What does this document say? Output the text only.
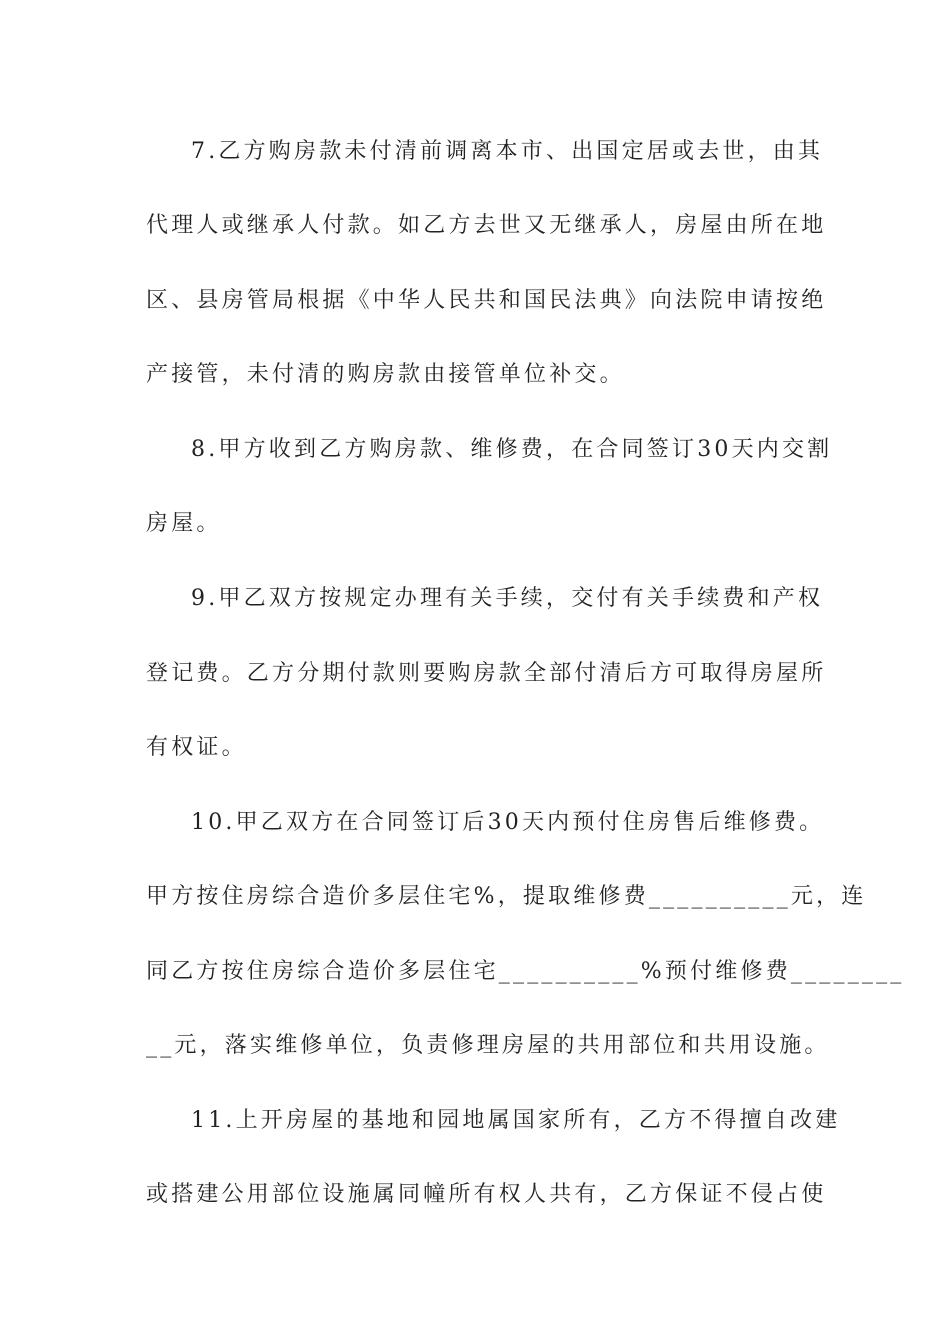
7.乙方购房款未付清前调离本市、出国定居或去世，由其
代理人或继承人付款。如乙方去世又无继承人，房屋由所在地
区、县房管局根据《中华人民共和国民法典》向法院申请按绝
产接管，未付清的购房款由接管单位补交。
8.甲方收到乙方购房款、维修费，在合同签订30天内交割
房屋。
9.甲乙双方按规定办理有关手续，交付有关手续费和产权
登记费。乙方分期付款则要购房款全部付清后方可取得房屋所
有权证。
10.甲乙双方在合同签订后30天内预付住房售后维修费。
甲方按住房综合造价多层住宅%，提取维修费__________元，连
同乙方按住房综合造价多层住宅__________%预付维修费________
__元，落实维修单位，负责修理房屋的共用部位和共用设施。
11.上开房屋的基地和园地属国家所有，乙方不得擅自改建
或搭建公用部位设施属同幢所有权人共有，乙方保证不侵占使
